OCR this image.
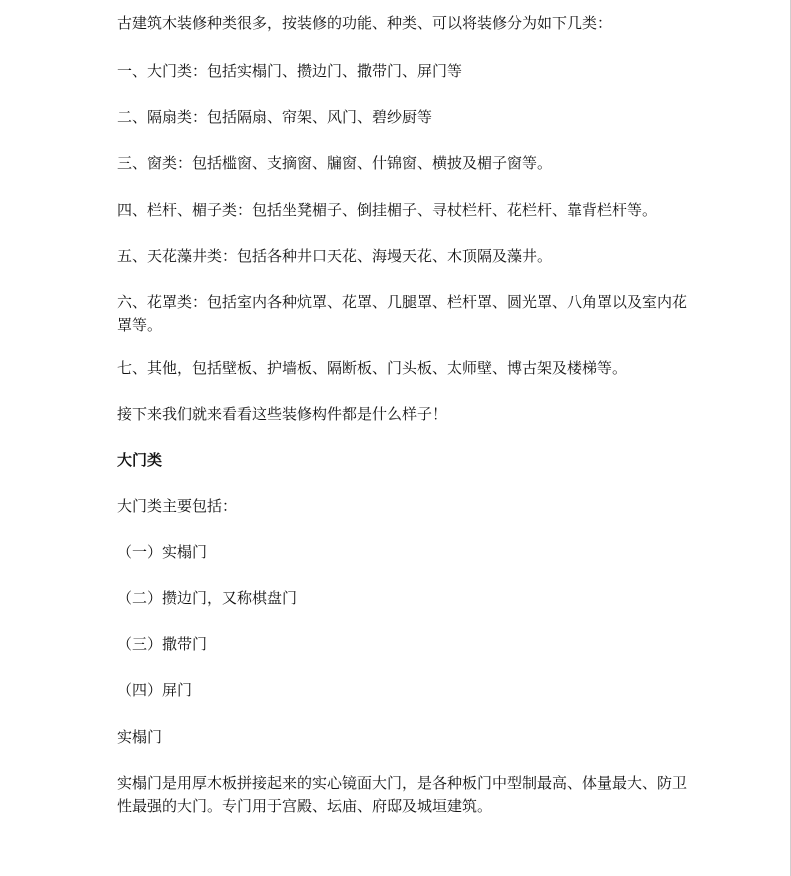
古建筑木装修种类很多，按装修的功能、种类、可以将装修分为如下几类：

一、大门类：包括实榻门、攒边门、撒带门、屏门等

二、隔扇类：包括隔扇、帘架、风门、碧纱厨等

三、窗类：包括槛窗、支摘窗、牖窗、什锦窗、横披及楣子窗等。

四、栏杆、楣子类：包括坐凳楣子、倒挂楣子、寻杖栏杆、花栏杆、靠背栏杆等。

五、天花藻井类：包括各种井口天花、海墁天花、木顶隔及藻井。

六、花罩类：包括室内各种炕罩、花罩、几腿罩、栏杆罩、圆光罩、八角罩以及室内花罩等。

七、其他，包括壁板、护墙板、隔断板、门头板、太师壁、博古架及楼梯等。

接下来我们就来看看这些装修构件都是什么样子！

大门类

大门类主要包括：

（一）实榻门

（二）攒边门，又称棋盘门

（三）撒带门

（四）屏门

实榻门

实榻门是用厚木板拼接起来的实心镜面大门，是各种板门中型制最高、体量最大、防卫性最强的大门。专门用于宫殿、坛庙、府邸及城垣建筑。
